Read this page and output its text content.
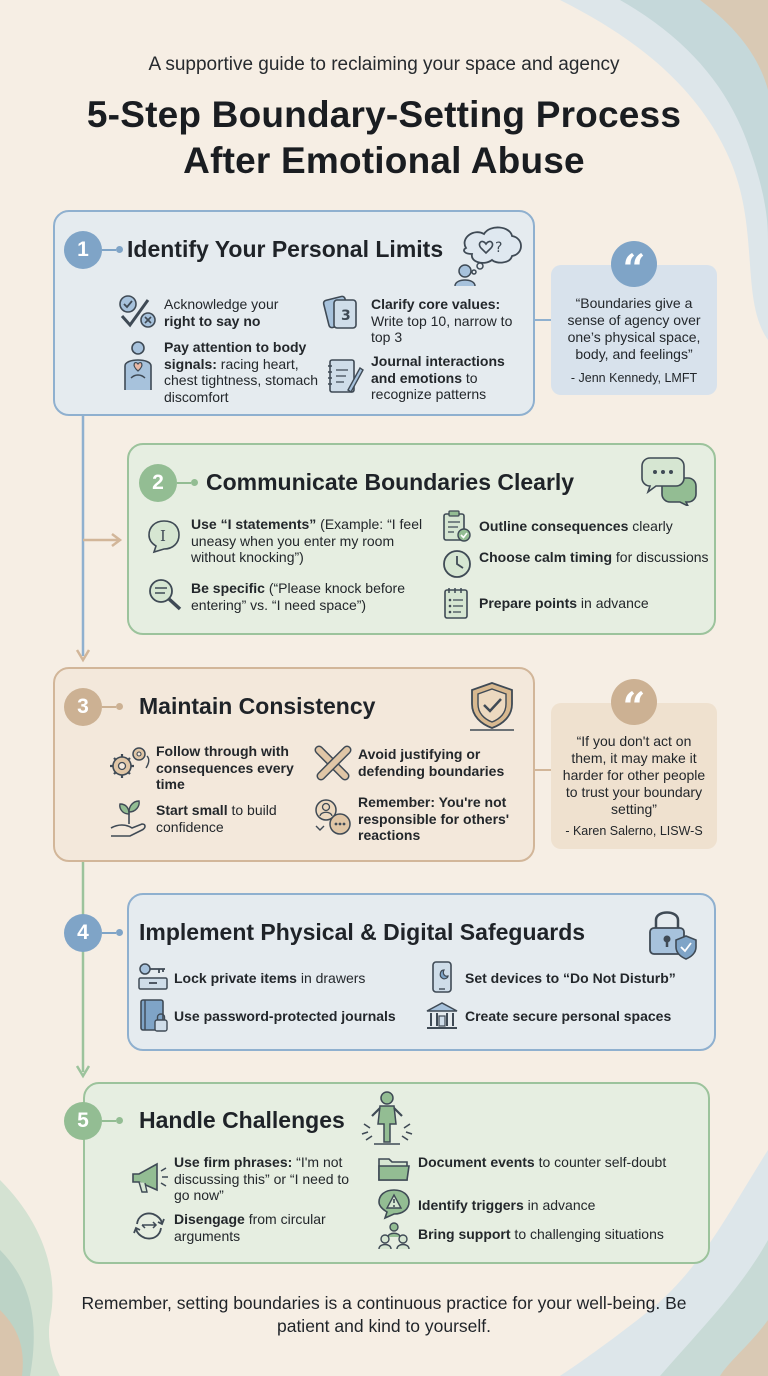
A supportive guide to reclaiming your space and agency
5-Step Boundary-Setting Process
After Emotional Abuse
1	Identify Your Personal Limits	?
Acknowledge your
right to say no
Pay attention to body signals: racing heart, chest tightness, stomach discomfort
3
Clarify core values: Write top 10, narrow to top 3
Journal interactions and emotions to recognize patterns
“
“Boundaries give a sense of agency over one’s physical space, body, and feelings”
- Jenn Kennedy, LMFT
2	Communicate Boundaries Clearly
I
Use “I statements” (Example: “I feel uneasy when you enter my room without knocking”)
Be specific (“Please knock before entering” vs. “I need space”)
Outline consequences clearly
Choose calm timing for discussions
Prepare points in advance
3	Maintain Consistency
Follow through with consequences every time
Start small to build confidence
Avoid justifying or defending boundaries
Remember: You're not responsible for others' reactions
“
“If you don't act on them, it may make it harder for other people to trust your boundary setting”
- Karen Salerno, LISW-S
4	Implement Physical & Digital Safeguards
Lock private items in drawers
Use password-protected journals
Set devices to “Do Not Disturb”
Create secure personal spaces
5	Handle Challenges
Use firm phrases: “I'm not discussing this” or “I need to go now”
Disengage from circular arguments
Document events to counter self-doubt
Identify triggers in advance
Bring support to challenging situations
Remember, setting boundaries is a continuous practice for your well-being. Be patient and kind to yourself.
